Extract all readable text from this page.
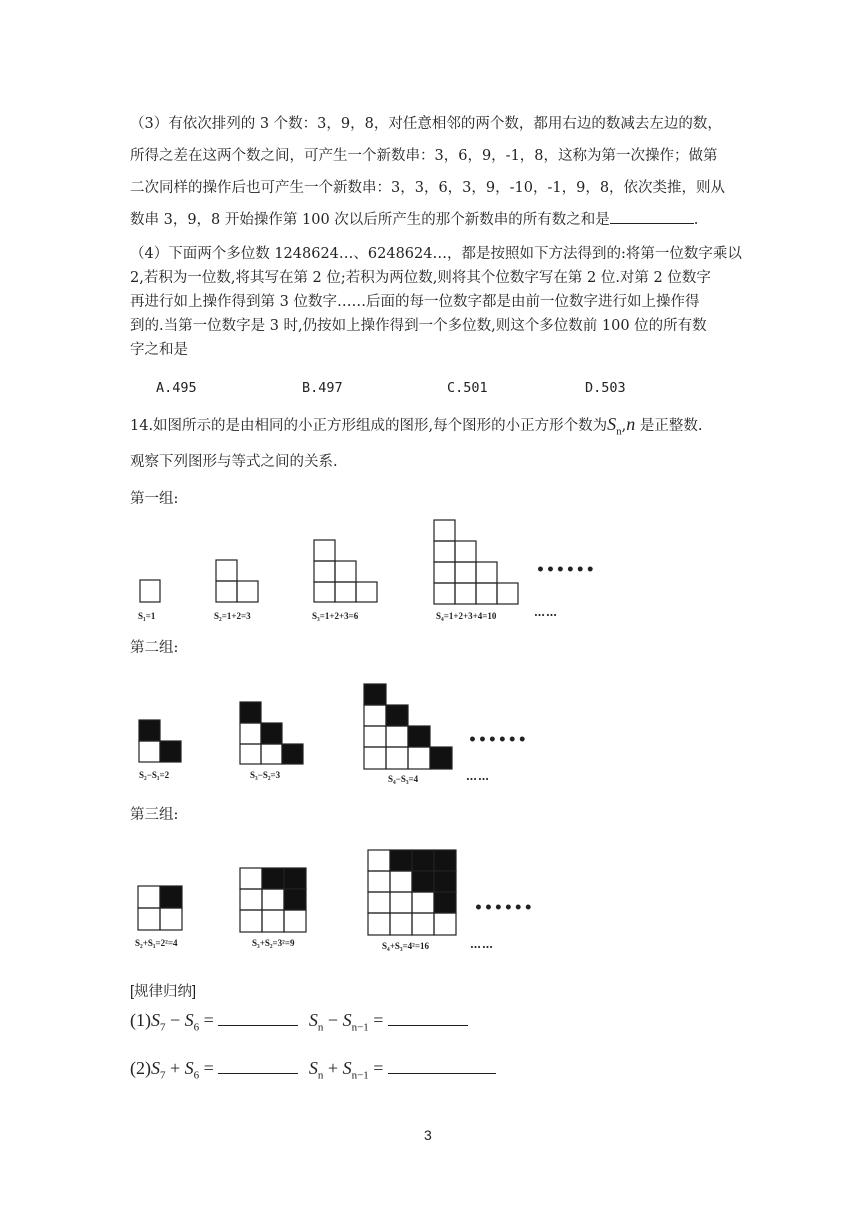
（3）有依次排列的 3 个数：3，9，8，对任意相邻的两个数，都用右边的数减去左边的数，
所得之差在这两个数之间，可产生一个新数串：3，6，9，-1，8，这称为第一次操作；做第
二次同样的操作后也可产生一个新数串：3，3，6，3，9，-10，-1，9，8，依次类推，则从
数串 3，9，8 开始操作第 100 次以后所产生的那个新数串的所有数之和是	.
（4）下面两个多位数 1248624…、6248624…，都是按照如下方法得到的:将第一位数字乘以
2,若积为一位数,将其写在第 2 位;若积为两位数,则将其个位数字写在第 2 位.对第 2 位数字
再进行如上操作得到第 3 位数字……后面的每一位数字都是由前一位数字进行如上操作得
到的.当第一位数字是 3 时,仍按如上操作得到一个多位数,则这个多位数前 100 位的所有数
字之和是
A.495	B.497	C.501	D.503
14.如图所示的是由相同的小正方形组成的图形,每个图形的小正方形个数为$S_n,n$ 是正整数.
观察下列图形与等式之间的关系.
第一组:
••••••
S₁=1	S₂=1+2=3	S₃=1+2+3=6	S₄=1+2+3+4=10	……
第二组:
••••••
S₂−S₁=2	S₃−S₂=3	S₄−S₃=4	……
第三组:
••••••
S₂+S₁=2²=4	S₃+S₂=3²=9	S₄+S₃=4²=16	……
[规律归纳]
$(1)S_7 - S_6$ =	$S_n - S_{n-1}$ =
$(2)S_7 + S_6$ =	$S_n + S_{n-1}$ =
3
